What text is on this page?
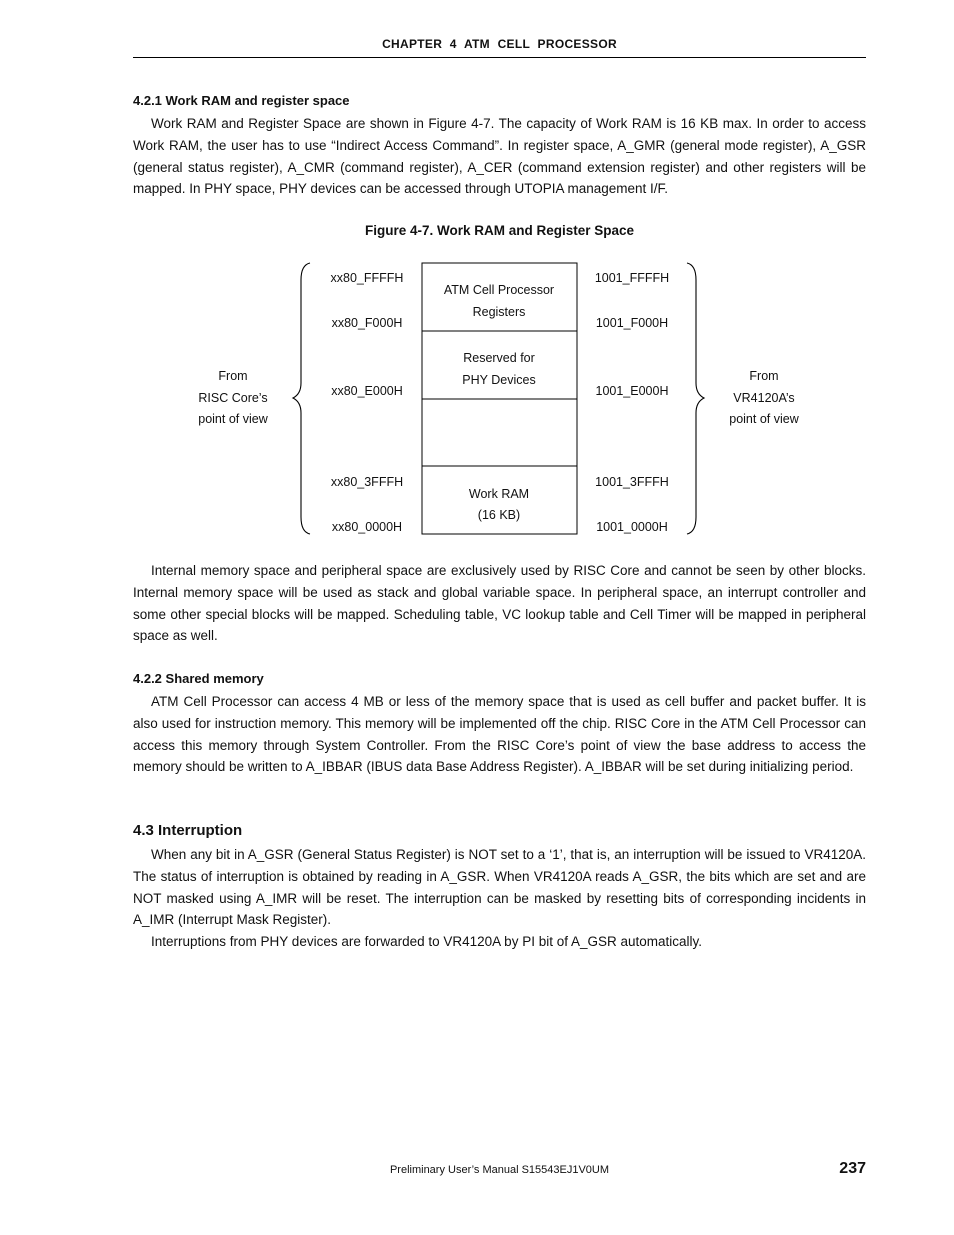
CHAPTER 4 ATM CELL PROCESSOR
4.2.1 Work RAM and register space
Work RAM and Register Space are shown in Figure 4-7. The capacity of Work RAM is 16 KB max. In order to access Work RAM, the user has to use “Indirect Access Command”. In register space, A_GMR (general mode register), A_GSR (general status register), A_CMR (command register), A_CER (command extension register) and other registers will be mapped. In PHY space, PHY devices can be accessed through UTOPIA management I/F.
Figure 4-7. Work RAM and Register Space
ATM Cell Processor
Registers
Reserved for
PHY Devices
Work RAM
(16 KB)
xx80_FFFFH
xx80_F000H
xx80_E000H
xx80_3FFFH
xx80_0000H
1001_FFFFH
1001_F000H
1001_E000H
1001_3FFFH
1001_0000H
From
RISC Core’s
point of view
From
VR4120A’s
point of view
Internal memory space and peripheral space are exclusively used by RISC Core and cannot be seen by other blocks. Internal memory space will be used as stack and global variable space. In peripheral space, an interrupt controller and some other special blocks will be mapped. Scheduling table, VC lookup table and Cell Timer will be mapped in peripheral space as well.
4.2.2 Shared memory
ATM Cell Processor can access 4 MB or less of the memory space that is used as cell buffer and packet buffer. It is also used for instruction memory. This memory will be implemented off the chip. RISC Core in the ATM Cell Processor can access this memory through System Controller. From the RISC Core’s point of view the base address to access the memory should be written to A_IBBAR (IBUS data Base Address Register). A_IBBAR will be set during initializing period.
4.3 Interruption
When any bit in A_GSR (General Status Register) is NOT set to a ‘1’, that is, an interruption will be issued to VR4120A. The status of interruption is obtained by reading in A_GSR. When VR4120A reads A_GSR, the bits which are set and are NOT masked using A_IMR will be reset. The interruption can be masked by resetting bits of corresponding incidents in A_IMR (Interrupt Mask Register).
Interruptions from PHY devices are forwarded to VR4120A by PI bit of A_GSR automatically.
Preliminary User’s Manual S15543EJ1V0UM	237
